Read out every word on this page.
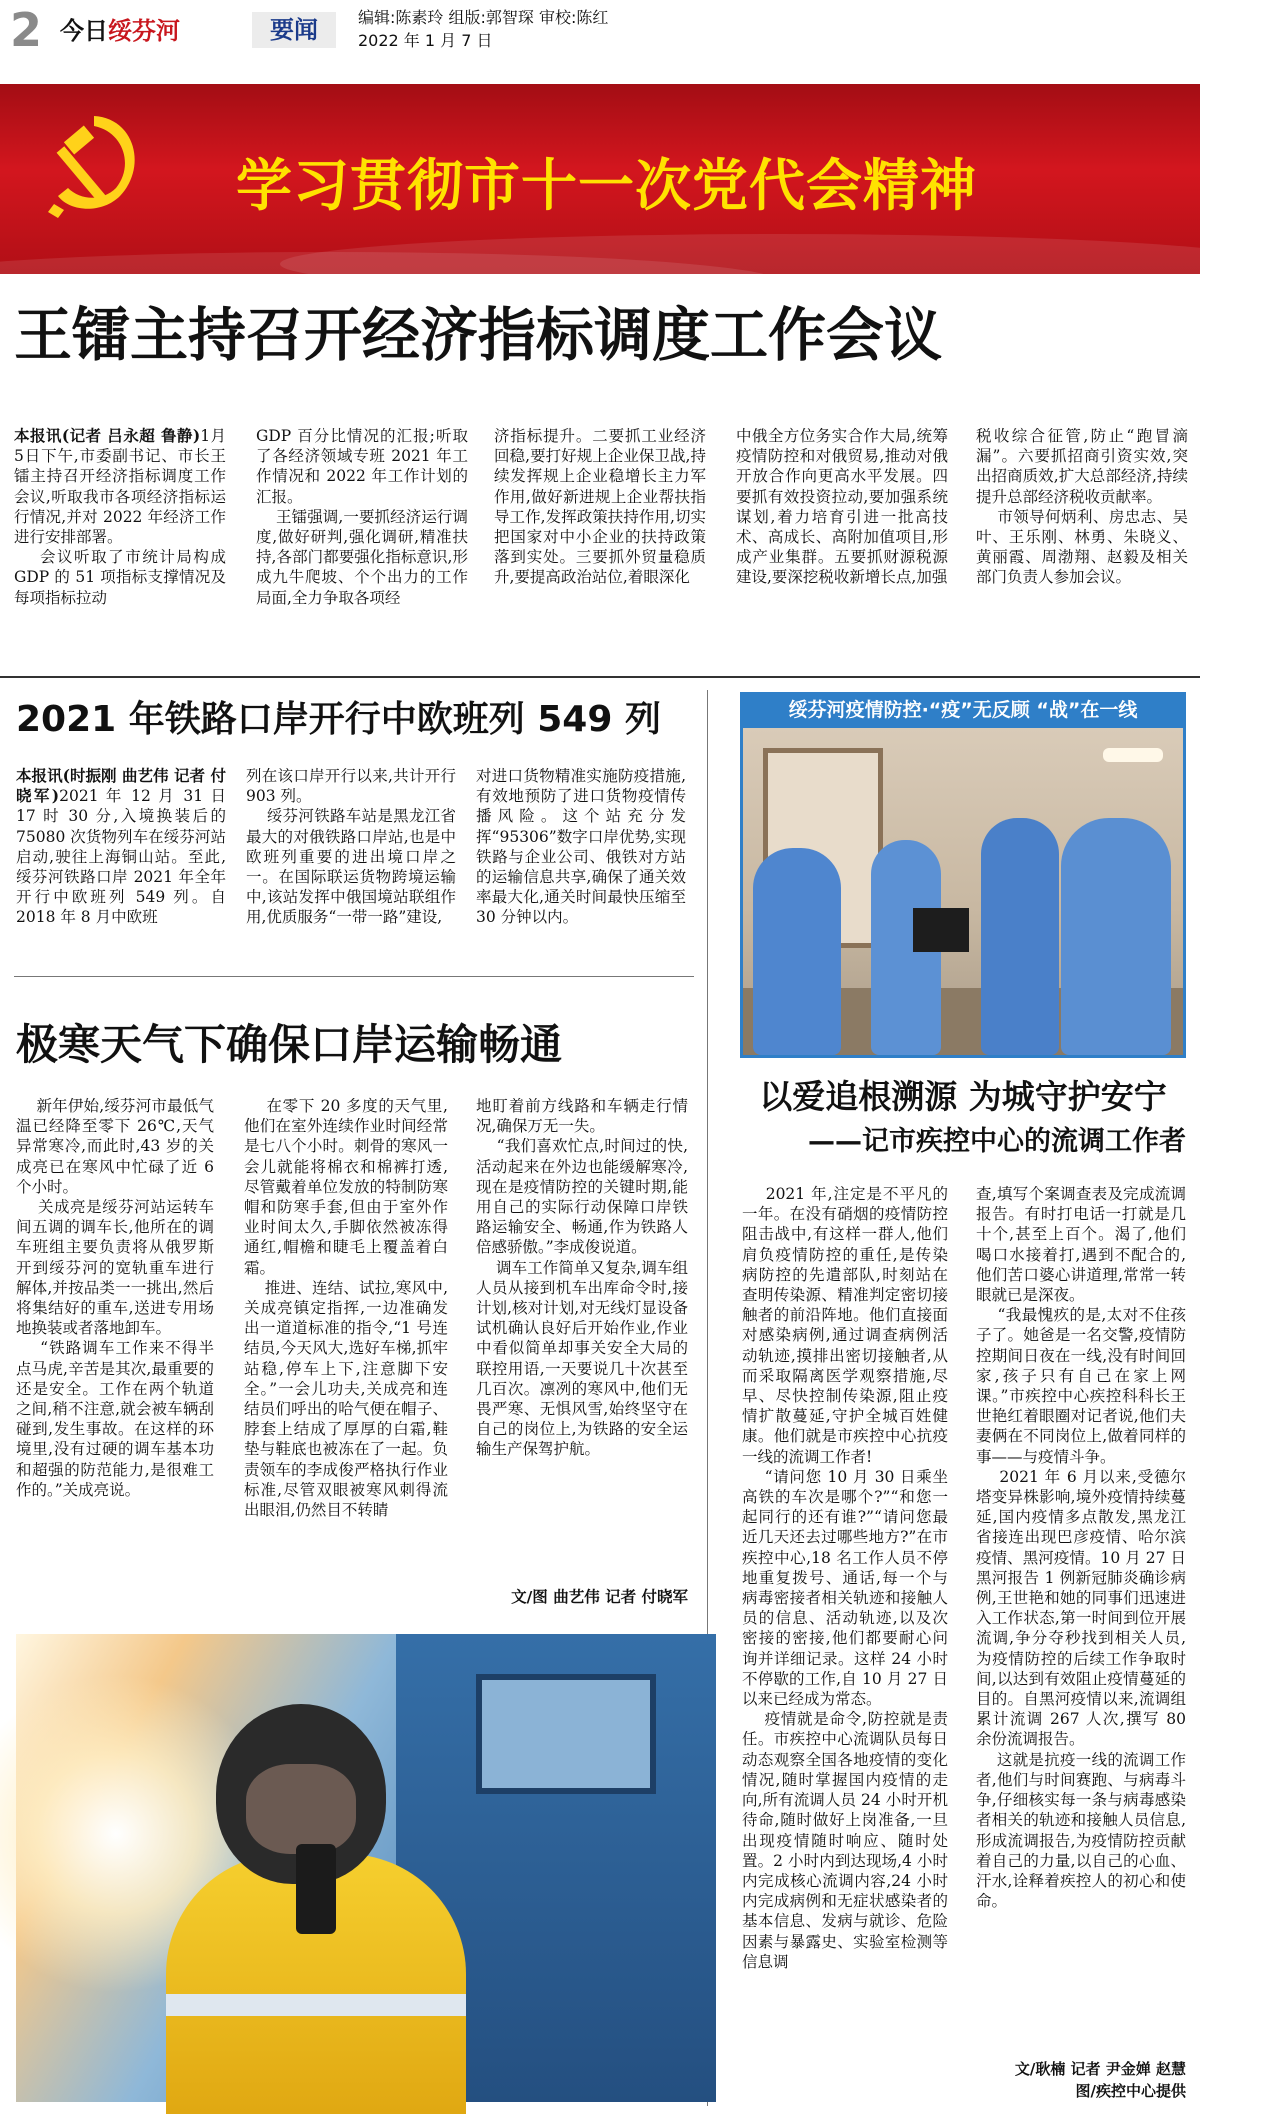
2 今日绥芬河	要闻	编辑:陈素玲 组版:郭智琛 审校:陈红
2022 年 1 月 7 日
学习贯彻市十一次党代会精神
王镭主持召开经济指标调度工作会议
本报讯(记者 吕永超 鲁静)1月5日下午,市委副书记、市长王镭主持召开经济指标调度工作会议,听取我市各项经济指标运行情况,并对 2022 年经济工作进行安排部署。
会议听取了市统计局构成 GDP 的 51 项指标支撑情况及每项指标拉动
GDP 百分比情况的汇报;听取了各经济领域专班 2021 年工作情况和 2022 年工作计划的汇报。
王镭强调,一要抓经济运行调度,做好研判,强化调研,精准扶持,各部门都要强化指标意识,形成九牛爬坡、个个出力的工作局面,全力争取各项经
济指标提升。二要抓工业经济回稳,要打好规上企业保卫战,持续发挥规上企业稳增长主力军作用,做好新进规上企业帮扶指导工作,发挥政策扶持作用,切实把国家对中小企业的扶持政策落到实处。三要抓外贸量稳质升,要提高政治站位,着眼深化
中俄全方位务实合作大局,统筹疫情防控和对俄贸易,推动对俄开放合作向更高水平发展。四要抓有效投资拉动,要加强系统谋划,着力培育引进一批高技术、高成长、高附加值项目,形成产业集群。五要抓财源税源建设,要深挖税收新增长点,加强
税收综合征管,防止“跑冒滴漏”。六要抓招商引资实效,突出招商质效,扩大总部经济,持续提升总部经济税收贡献率。
市领导何炳利、房忠志、吴叶、王乐刚、林勇、朱晓义、黄丽霞、周渤翔、赵毅及相关部门负责人参加会议。
2021 年铁路口岸开行中欧班列 549 列
本报讯(时振刚 曲艺伟 记者 付晓军)2021 年 12 月 31 日 17 时 30 分,入境换装后的 75080 次货物列车在绥芬河站启动,驶往上海铜山站。至此,绥芬河铁路口岸 2021 年全年开行中欧班列 549 列。自 2018 年 8 月中欧班
列在该口岸开行以来,共计开行 903 列。
绥芬河铁路车站是黑龙江省最大的对俄铁路口岸站,也是中欧班列重要的进出境口岸之一。在国际联运货物跨境运输中,该站发挥中俄国境站联组作用,优质服务“一带一路”建设,
对进口货物精准实施防疫措施,有效地预防了进口货物疫情传播风险。这个站充分发挥“95306”数字口岸优势,实现铁路与企业公司、俄铁对方站的运输信息共享,确保了通关效率最大化,通关时间最快压缩至 30 分钟以内。
极寒天气下确保口岸运输畅通
新年伊始,绥芬河市最低气温已经降至零下 26℃,天气异常寒冷,而此时,43 岁的关成亮已在寒风中忙碌了近 6 个小时。
关成亮是绥芬河站运转车间五调的调车长,他所在的调车班组主要负责将从俄罗斯开到绥芬河的宽轨重车进行解体,并按品类一一挑出,然后将集结好的重车,送进专用场地换装或者落地卸车。
“铁路调车工作来不得半点马虎,辛苦是其次,最重要的还是安全。工作在两个轨道之间,稍不注意,就会被车辆刮碰到,发生事故。在这样的环境里,没有过硬的调车基本功和超强的防范能力,是很难工作的。”关成亮说。
在零下 20 多度的天气里,他们在室外连续作业时间经常是七八个小时。刺骨的寒风一会儿就能将棉衣和棉裤打透,尽管戴着单位发放的特制防寒帽和防寒手套,但由于室外作业时间太久,手脚依然被冻得通红,帽檐和睫毛上覆盖着白霜。
推进、连结、试拉,寒风中,关成亮镇定指挥,一边准确发出一道道标准的指令,“1 号连结员,今天风大,选好车梯,抓牢站稳,停车上下,注意脚下安全。”一会儿功夫,关成亮和连结员们呼出的哈气便在帽子、脖套上结成了厚厚的白霜,鞋垫与鞋底也被冻在了一起。负责领车的李成俊严格执行作业标准,尽管双眼被寒风刺得流出眼泪,仍然目不转睛
地盯着前方线路和车辆走行情况,确保万无一失。
“我们喜欢忙点,时间过的快,活动起来在外边也能缓解寒冷,现在是疫情防控的关键时期,能用自己的实际行动保障口岸铁路运输安全、畅通,作为铁路人倍感骄傲。”李成俊说道。
调车工作简单又复杂,调车组人员从接到机车出库命令时,接计划,核对计划,对无线灯显设备试机确认良好后开始作业,作业中看似简单却事关安全大局的联控用语,一天要说几十次甚至几百次。凛冽的寒风中,他们无畏严寒、无惧风雪,始终坚守在自己的岗位上,为铁路的安全运输生产保驾护航。
文/图 曲艺伟 记者 付晓军
绥芬河疫情防控·“疫”无反顾 “战”在一线
以爱追根溯源 为城守护安宁
——记市疾控中心的流调工作者
2021 年,注定是不平凡的一年。在没有硝烟的疫情防控阻击战中,有这样一群人,他们肩负疫情防控的重任,是传染病防控的先遣部队,时刻站在查明传染源、精准判定密切接触者的前沿阵地。他们直接面对感染病例,通过调查病例活动轨迹,摸排出密切接触者,从而采取隔离医学观察措施,尽早、尽快控制传染源,阻止疫情扩散蔓延,守护全城百姓健康。他们就是市疾控中心抗疫一线的流调工作者!
“请问您 10 月 30 日乘坐高铁的车次是哪个?”“和您一起同行的还有谁?”“请问您最近几天还去过哪些地方?”在市疾控中心,18 名工作人员不停地重复拨号、通话,每一个与病毒密接者相关轨迹和接触人员的信息、活动轨迹,以及次密接的密接,他们都要耐心问询并详细记录。这样 24 小时不停歇的工作,自 10 月 27 日以来已经成为常态。
疫情就是命令,防控就是责任。市疾控中心流调队员每日动态观察全国各地疫情的变化情况,随时掌握国内疫情的走向,所有流调人员 24 小时开机待命,随时做好上岗准备,一旦出现疫情随时响应、随时处置。2 小时内到达现场,4 小时内完成核心流调内容,24 小时内完成病例和无症状感染者的基本信息、发病与就诊、危险因素与暴露史、实验室检测等信息调
查,填写个案调查表及完成流调报告。有时打电话一打就是几十个,甚至上百个。渴了,他们喝口水接着打,遇到不配合的,他们苦口婆心讲道理,常常一转眼就已是深夜。
“我最愧疚的是,太对不住孩子了。她爸是一名交警,疫情防控期间日夜在一线,没有时间回家,孩子只有自己在家上网课。”市疾控中心疾控科科长王世艳红着眼圈对记者说,他们夫妻俩在不同岗位上,做着同样的事——与疫情斗争。
2021 年 6 月以来,受德尔塔变异株影响,境外疫情持续蔓延,国内疫情多点散发,黑龙江省接连出现巴彦疫情、哈尔滨疫情、黑河疫情。10 月 27 日黑河报告 1 例新冠肺炎确诊病例,王世艳和她的同事们迅速进入工作状态,第一时间到位开展流调,争分夺秒找到相关人员,为疫情防控的后续工作争取时间,以达到有效阻止疫情蔓延的目的。自黑河疫情以来,流调组累计流调 267 人次,撰写 80 余份流调报告。
这就是抗疫一线的流调工作者,他们与时间赛跑、与病毒斗争,仔细核实每一条与病毒感染者相关的轨迹和接触人员信息,形成流调报告,为疫情防控贡献着自己的力量,以自己的心血、汗水,诠释着疾控人的初心和使命。
文/耿楠 记者 尹金婵 赵慧
图/疾控中心提供
